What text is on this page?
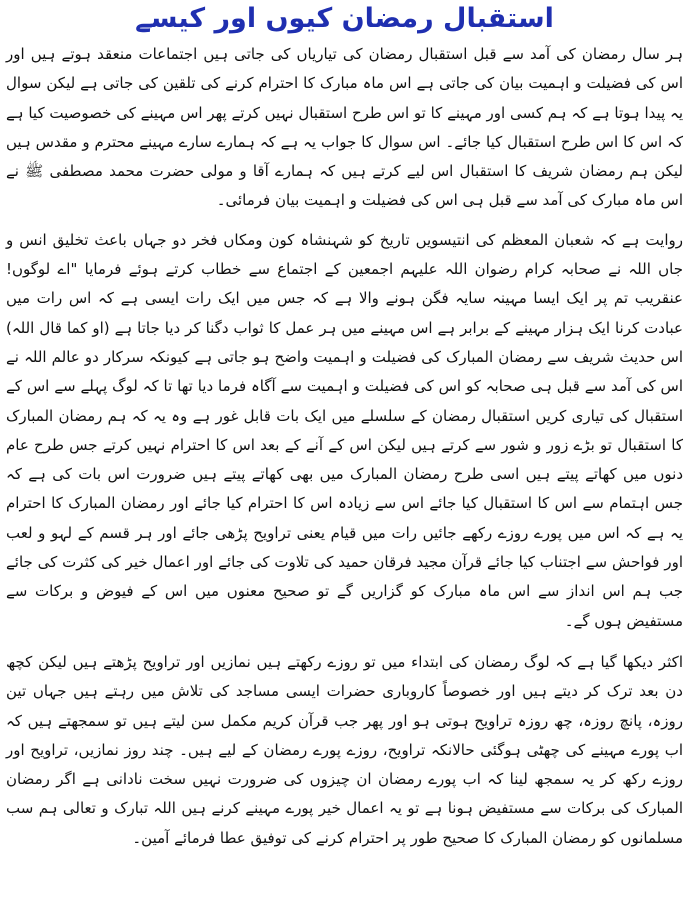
استقبال رمضان کیوں اور کیسے

ہر سال رمضان کی آمد سے قبل استقبال رمضان کی تیاریاں کی جاتی ہیں اجتماعات منعقد ہوتے ہیں اور اس کی فضیلت و اہمیت بیان کی جاتی ہے اس ماہ مبارک کا احترام کرنے کی تلقین کی جاتی ہے لیکن سوال یہ پیدا ہوتا ہے کہ ہم کسی اور مہینے کا تو اس طرح استقبال نہیں کرتے پھر اس مہینے کی خصوصیت کیا ہے کہ اس کا اس طرح استقبال کیا جائے۔ اس سوال کا جواب یہ ہے کہ ہمارے سارے مہینے محترم و مقدس ہیں لیکن ہم رمضان شریف کا استقبال اس لیے کرتے ہیں کہ ہمارے آقا و مولی حضرت محمد مصطفی ﷺ نے اس ماہ مبارک کی آمد سے قبل ہی اس کی فضیلت و اہمیت بیان فرمائی۔

روایت ہے کہ شعبان المعظم کی انتیسویں تاریخ کو شہنشاہ کون ومکاں فخر دو جہاں باعث تخلیق انس و جاں اللہ نے صحابہ کرام رضوان اللہ علیہم اجمعین کے اجتماع سے خطاب کرتے ہوئے فرمایا "اے لوگوں! عنقریب تم پر ایک ایسا مہینہ سایہ فگن ہونے والا ہے کہ جس میں ایک رات ایسی ہے کہ اس رات میں عبادت کرنا ایک ہزار مہینے کے برابر ہے اس مہینے میں ہر عمل کا ثواب دگنا کر دیا جاتا ہے (او کما قال اللہ) اس حدیث شریف سے رمضان المبارک کی فضیلت و اہمیت واضح ہو جاتی ہے کیونکہ سرکار دو عالم اللہ نے اس کی آمد سے قبل ہی صحابہ کو اس کی فضیلت و اہمیت سے آگاہ فرما دیا تھا تا کہ لوگ پہلے سے اس کے استقبال کی تیاری کریں استقبال رمضان کے سلسلے میں ایک بات قابل غور ہے وہ یہ کہ ہم رمضان المبارک کا استقبال تو بڑے زور و شور سے کرتے ہیں لیکن اس کے آنے کے بعد اس کا احترام نہیں کرتے جس طرح عام دنوں میں کھاتے پیتے ہیں اسی طرح رمضان المبارک میں بھی کھاتے پیتے ہیں ضرورت اس بات کی ہے کہ جس اہتمام سے اس کا استقبال کیا جائے اس سے زیادہ اس کا احترام کیا جائے اور رمضان المبارک کا احترام یہ ہے کہ اس میں پورے روزے رکھے جائیں رات میں قیام یعنی تراویح پڑھی جائے اور ہر قسم کے لہو و لعب اور فواحش سے اجتناب کیا جائے قرآن مجید فرقان حمید کی تلاوت کی جائے اور اعمال خیر کی کثرت کی جائے جب ہم اس انداز سے اس ماہ مبارک کو گزاریں گے تو صحیح معنوں میں اس کے فیوض و برکات سے مستفیض ہوں گے۔

اکثر دیکھا گیا ہے کہ لوگ رمضان کی ابتداء میں تو روزے رکھتے ہیں نمازیں اور تراویح پڑھتے ہیں لیکن کچھ دن بعد ترک کر دیتے ہیں اور خصوصاً کاروباری حضرات ایسی مساجد کی تلاش میں رہتے ہیں جہاں تین روزہ، پانچ روزہ، چھ روزہ تراویح ہوتی ہو اور پھر جب قرآن کریم مکمل سن لیتے ہیں تو سمجھتے ہیں کہ اب پورے مہینے کی چھٹی ہوگئی حالانکہ تراویح، روزے پورے رمضان کے لیے ہیں۔ چند روز نمازیں، تراویح اور روزے رکھ کر یہ سمجھ لینا کہ اب پورے رمضان ان چیزوں کی ضرورت نہیں سخت نادانی ہے اگر رمضان المبارک کی برکات سے مستفیض ہونا ہے تو یہ اعمال خیر پورے مہینے کرنے ہیں اللہ تبارک و تعالی ہم سب مسلمانوں کو رمضان المبارک کا صحیح طور پر احترام کرنے کی توفیق عطا فرمائے آمین۔
